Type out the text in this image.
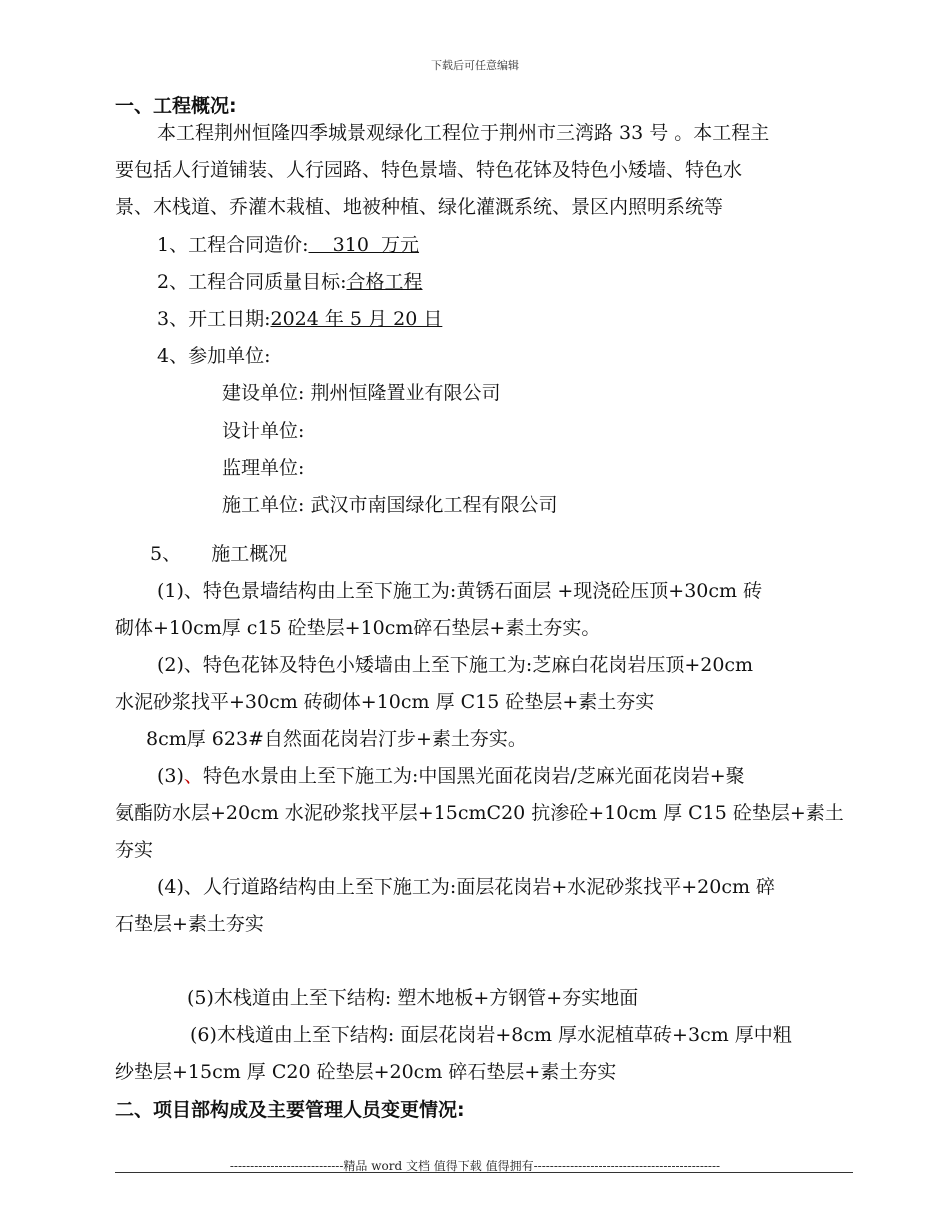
下载后可任意编辑
一、工程概况:
本工程荆州恒隆四季城景观绿化工程位于荆州市三湾路 33 号 。本工程主
要包括人行道铺装、人行园路、特色景墙、特色花钵及特色小矮墙、特色水
景、木栈道、乔灌木栽植、地被种植、绿化灌溉系统、景区内照明系统等
1、工程合同造价:    310  万元
2、工程合同质量目标:合格工程
3、开工日期:2024 年 5 月 20 日
4、参加单位:
建设单位: 荆州恒隆置业有限公司
设计单位:
监理单位:
施工单位: 武汉市南国绿化工程有限公司
5、     施工概况
(1)、特色景墙结构由上至下施工为:黄锈石面层 +现浇砼压顶+30cm 砖
砌体+10cm厚 c15 砼垫层+10cm碎石垫层+素土夯实。
(2)、特色花钵及特色小矮墙由上至下施工为:芝麻白花岗岩压顶+20cm
水泥砂浆找平+30cm 砖砌体+10cm 厚 C15 砼垫层+素土夯实
8cm厚 623#自然面花岗岩汀步+素土夯实。
(3)、特色水景由上至下施工为:中国黑光面花岗岩/芝麻光面花岗岩+聚
氨酯防水层+20cm 水泥砂浆找平层+15cmC20 抗渗砼+10cm 厚 C15 砼垫层+素土
夯实
(4)、人行道路结构由上至下施工为:面层花岗岩+水泥砂浆找平+20cm 碎
石垫层+素土夯实
(5)木栈道由上至下结构: 塑木地板+方钢管+夯实地面
(6)木栈道由上至下结构: 面层花岗岩+8cm 厚水泥植草砖+3cm 厚中粗
纱垫层+15cm 厚 C20 砼垫层+20cm 碎石垫层+素土夯实
二、项目部构成及主要管理人员变更情况:
----------------------------精品 word 文档 值得下载 值得拥有----------------------------------------------
